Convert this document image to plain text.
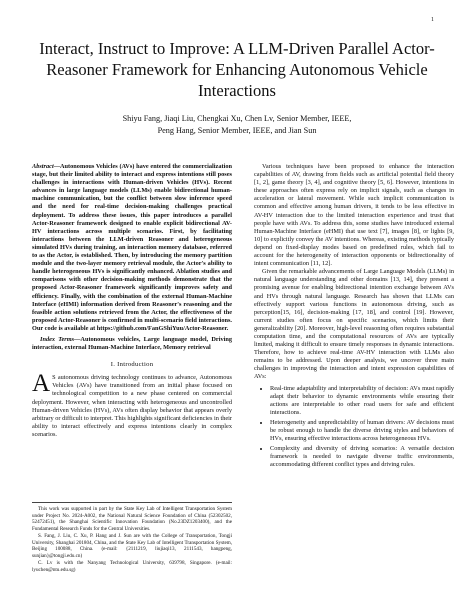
1
Interact, Instruct to Improve: A LLM-Driven Parallel Actor-Reasoner Framework for Enhancing Autonomous Vehicle Interactions
Shiyu Fang, Jiaqi Liu, Chengkai Xu, Chen Lv, Senior Member, IEEE,
Peng Hang, Senior Member, IEEE, and Jian Sun

Abstract—Autonomous Vehicles (AVs) have entered the commercialization stage, but their limited ability to interact and express intentions still poses challenges in interactions with Human-driven Vehicles (HVs). Recent advances in large language models (LLMs) enable bidirectional human-machine communication, but the conflict between slow inference speed and the need for real-time decision-making challenges practical deployment. To address these issues, this paper introduces a parallel Actor-Reasoner framework designed to enable explicit bidirectional AV-HV interactions across multiple scenarios. First, by facilitating interactions between the LLM-driven Reasoner and heterogeneous simulated HVs during training, an interaction memory database, referred to as the Actor, is established. Then, by introducing the memory partition module and the two-layer memory retrieval module, the Actor's ability to handle heterogeneous HVs is significantly enhanced. Ablation studies and comparisons with other decision-making methods demonstrate that the proposed Actor-Reasoner framework significantly improves safety and efficiency. Finally, with the combination of the external Human-Machine Interface (eHMI) information derived from Reasoner's reasoning and the feasible action solutions retrieved from the Actor, the effectiveness of the proposed Actor-Reasoner is confirmed in multi-scenario field interactions. Our code is available at https://github.com/FanGShiYuu/Actor-Reasoner.

Index Terms—Autonomous vehicles, Large language model, Driving interaction, external Human-Machine Interface, Memory retrieval

I. Introduction

A S autonomous driving technology continues to advance, Autonomous Vehicles (AVs) have transitioned from an initial phase focused on technological competition to a new phase centered on commercial deployment. However, when interacting with heterogeneous and uncontrolled Human-driven Vehicles (HVs), AVs often display behavior that appears overly arbitrary or difficult to interpret. This highlights significant deficiencies in their ability to interact effectively and express intentions clearly in complex scenarios.

This work was supported in part by the State Key Lab of Intelligent Transportation System under Project No. 2024-A002, the National Natural Science Foundation of China (52302502, 52472451), the Shanghai Scientific Innovation Foundation (No.23DZ1203400), and the Fundamental Research Funds for the Central Universities.

S. Fang, J. Liu, C. Xu, P. Hang and J. Sun are with the College of Transportation, Tongji University, Shanghai 201804, China, and the State Key Lab of Intelligent Transportation System, Beijing 100088, China. (e-mail: {2111219, liujiaqi13, 2111543, hangpeng, sunjian}@tongji.edu.cn)

C. Lv is with the Nanyang Technological University, 639798, Singapore. (e-mail: lyuchen@ntu.edu.sg)

Various techniques have been proposed to enhance the interaction capabilities of AV, drawing from fields such as artificial potential field theory [1, 2], game theory [3, 4], and cognitive theory [5, 6]. However, intentions in these approaches often express rely on implicit signals, such as changes in acceleration or lateral movement. While such implicit communication is common and effective among human drivers, it tends to be less effective in AV-HV interaction due to the limited interaction experience and trust that people have with AVs. To address this, some studies have introduced external Human-Machine Interface (eHMI) that use text [7], images [8], or lights [9, 10] to explicitly convey the AV intentions. Whereas, existing methods typically depend on fixed-display modes based on predefined rules, which fail to account for the heterogeneity of interaction opponents or bidirectionality of intent communication [11, 12].

Given the remarkable advancements of Large Language Models (LLMs) in natural language understanding and other domains [13, 14], they present a promising avenue for enabling bidirectional intention exchange between AVs and HVs through natural language. Research has shown that LLMs can effectively support various functions in autonomous driving, such as perception[15, 16], decision-making [17, 18], and control [19]. However, current studies often focus on specific scenarios, which limits their generalizability [20]. Moreover, high-level reasoning often requires substantial computation time, and the computational resources of AVs are typically limited, making it difficult to ensure timely responses in dynamic interactions. Therefore, how to achieve real-time AV-HV interaction with LLMs also remains to be addressed. Upon deeper analysis, we uncover three main challenges in improving the interaction and intent expression capabilities of AVs:

• Real-time adaptability and interpretability of decision: AVs must rapidly adapt their behavior to dynamic environments while ensuring their actions are interpretable to other road users for safe and efficient interactions.
• Heterogeneity and unpredictability of human drivers: AV decisions must be robust enough to handle the diverse driving styles and behaviors of HVs, ensuring effective interactions across heterogeneous HVs.
• Complexity and diversity of driving scenarios: A versatile decision framework is needed to navigate diverse traffic environments, accommodating different conflict types and driving rules.
